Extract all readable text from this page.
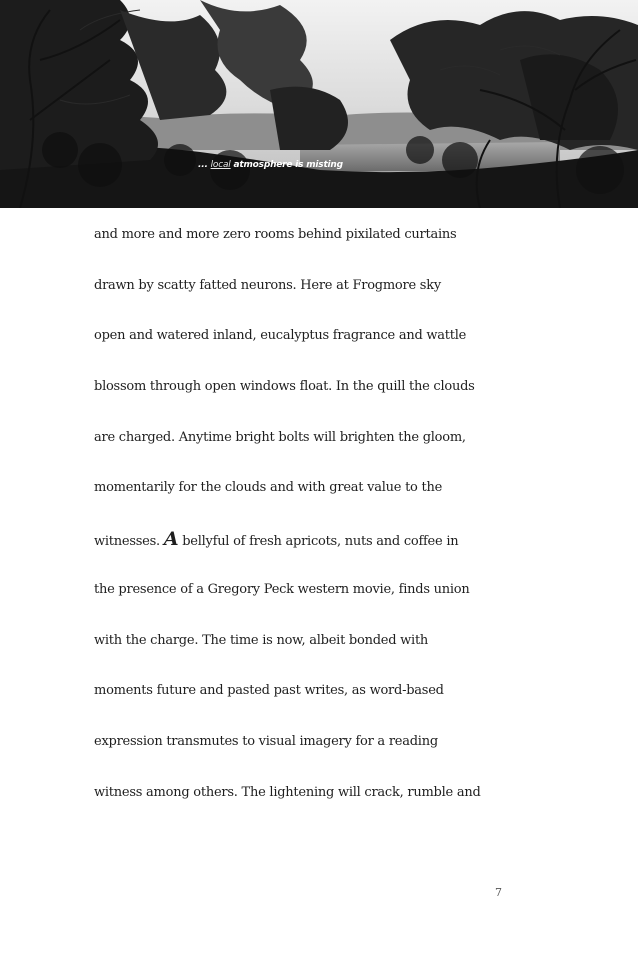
... local atmosphere is misting
and more and more zero rooms behind pixilated curtains
drawn by scatty fatted neurons. Here at Frogmore sky
open and watered inland, eucalyptus fragrance and wattle
blossom through open windows float. In the quill the clouds
are charged. Anytime bright bolts will brighten the gloom,
momentarily for the clouds and with great value to the
witnesses. A bellyful of fresh apricots, nuts and coffee in
the presence of a Gregory Peck western movie, finds union
with the charge. The time is now, albeit bonded with
moments future and pasted past writes, as word-based
expression transmutes to visual imagery for a reading
witness among others. The lightening will crack, rumble and
7
